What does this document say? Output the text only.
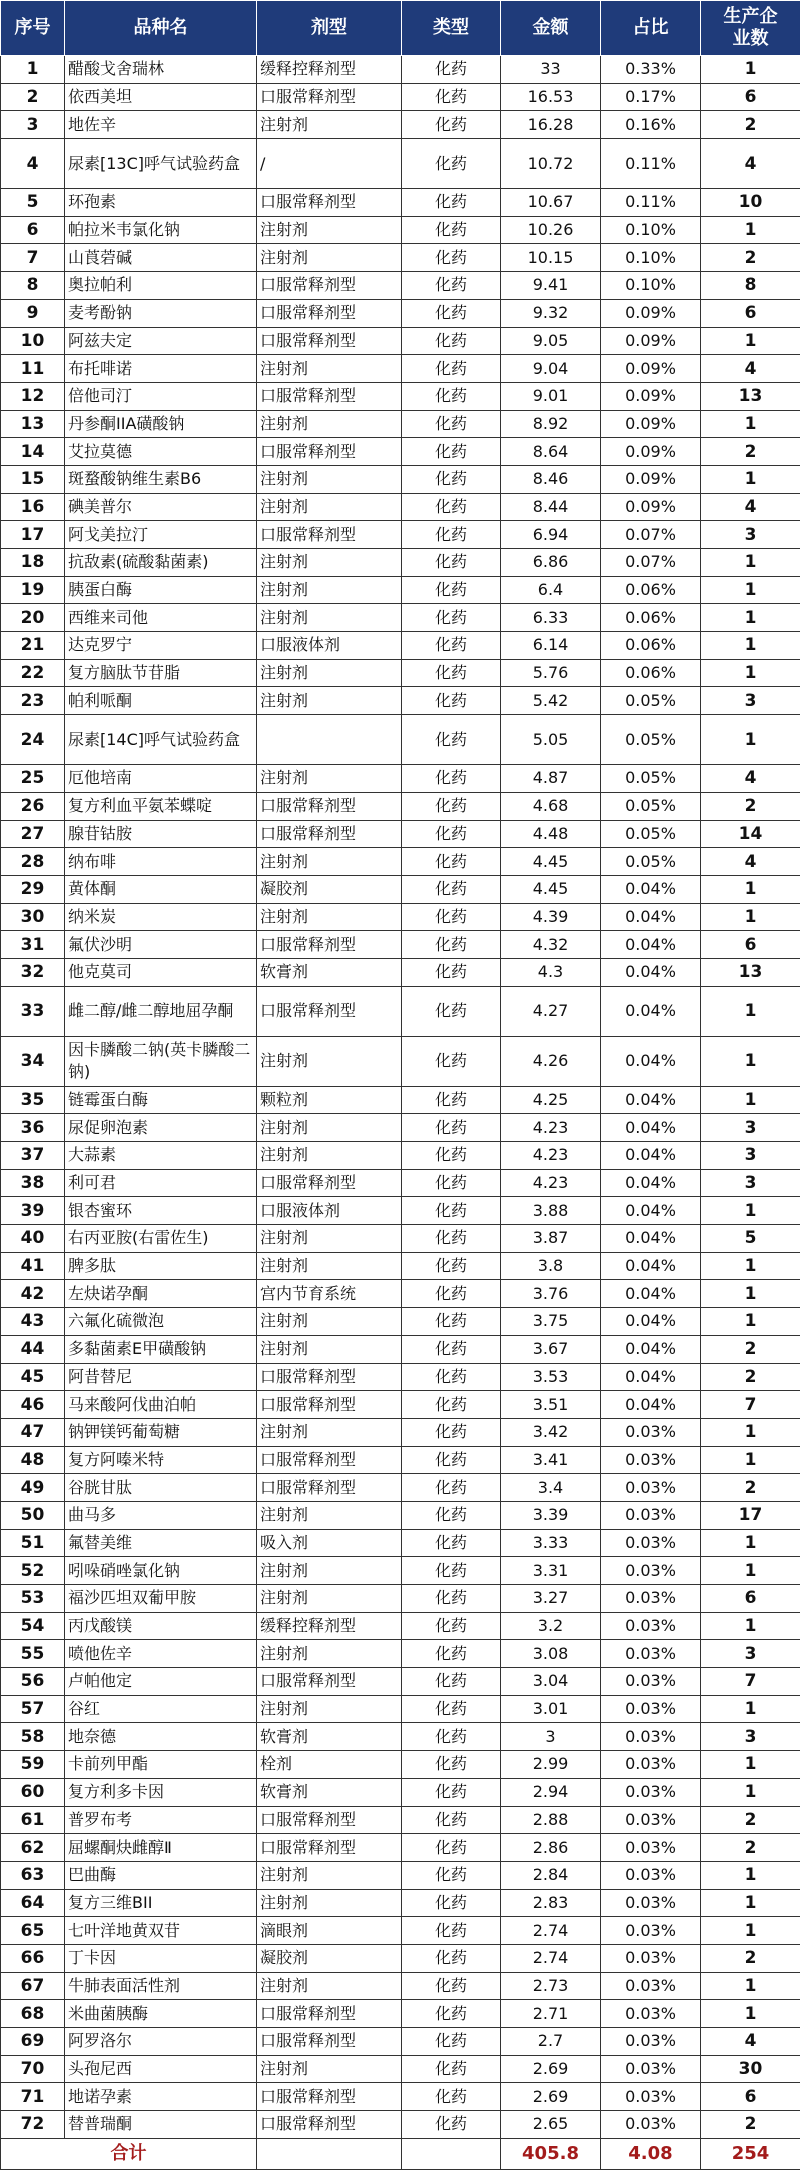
序号	品种名	剂型	类型	金额	占比	生产企业数
1	醋酸戈舍瑞林	缓释控释剂型	化药	33	0.33%	1
2	依西美坦	口服常释剂型	化药	16.53	0.17%	6
3	地佐辛	注射剂	化药	16.28	0.16%	2
4	尿素[13C]呼气试验药盒	/	化药	10.72	0.11%	4
5	环孢素	口服常释剂型	化药	10.67	0.11%	10
6	帕拉米韦氯化钠	注射剂	化药	10.26	0.10%	1
7	山莨菪碱	注射剂	化药	10.15	0.10%	2
8	奥拉帕利	口服常释剂型	化药	9.41	0.10%	8
9	麦考酚钠	口服常释剂型	化药	9.32	0.09%	6
10	阿兹夫定	口服常释剂型	化药	9.05	0.09%	1
11	布托啡诺	注射剂	化药	9.04	0.09%	4
12	倍他司汀	口服常释剂型	化药	9.01	0.09%	13
13	丹参酮IIA磺酸钠	注射剂	化药	8.92	0.09%	1
14	艾拉莫德	口服常释剂型	化药	8.64	0.09%	2
15	斑蝥酸钠维生素B6	注射剂	化药	8.46	0.09%	1
16	碘美普尔	注射剂	化药	8.44	0.09%	4
17	阿戈美拉汀	口服常释剂型	化药	6.94	0.07%	3
18	抗敌素(硫酸黏菌素)	注射剂	化药	6.86	0.07%	1
19	胰蛋白酶	注射剂	化药	6.4	0.06%	1
20	西维来司他	注射剂	化药	6.33	0.06%	1
21	达克罗宁	口服液体剂	化药	6.14	0.06%	1
22	复方脑肽节苷脂	注射剂	化药	5.76	0.06%	1
23	帕利哌酮	注射剂	化药	5.42	0.05%	3
24	尿素[14C]呼气试验药盒		化药	5.05	0.05%	1
25	厄他培南	注射剂	化药	4.87	0.05%	4
26	复方利血平氨苯蝶啶	口服常释剂型	化药	4.68	0.05%	2
27	腺苷钴胺	口服常释剂型	化药	4.48	0.05%	14
28	纳布啡	注射剂	化药	4.45	0.05%	4
29	黄体酮	凝胶剂	化药	4.45	0.04%	1
30	纳米炭	注射剂	化药	4.39	0.04%	1
31	氟伏沙明	口服常释剂型	化药	4.32	0.04%	6
32	他克莫司	软膏剂	化药	4.3	0.04%	13
33	雌二醇/雌二醇地屈孕酮	口服常释剂型	化药	4.27	0.04%	1
34	因卡膦酸二钠(英卡膦酸二钠)	注射剂	化药	4.26	0.04%	1
35	链霉蛋白酶	颗粒剂	化药	4.25	0.04%	1
36	尿促卵泡素	注射剂	化药	4.23	0.04%	3
37	大蒜素	注射剂	化药	4.23	0.04%	3
38	利可君	口服常释剂型	化药	4.23	0.04%	3
39	银杏蜜环	口服液体剂	化药	3.88	0.04%	1
40	右丙亚胺(右雷佐生)	注射剂	化药	3.87	0.04%	5
41	脾多肽	注射剂	化药	3.8	0.04%	1
42	左炔诺孕酮	宫内节育系统	化药	3.76	0.04%	1
43	六氟化硫微泡	注射剂	化药	3.75	0.04%	1
44	多黏菌素E甲磺酸钠	注射剂	化药	3.67	0.04%	2
45	阿昔替尼	口服常释剂型	化药	3.53	0.04%	2
46	马来酸阿伐曲泊帕	口服常释剂型	化药	3.51	0.04%	7
47	钠钾镁钙葡萄糖	注射剂	化药	3.42	0.03%	1
48	复方阿嗪米特	口服常释剂型	化药	3.41	0.03%	1
49	谷胱甘肽	口服常释剂型	化药	3.4	0.03%	2
50	曲马多	注射剂	化药	3.39	0.03%	17
51	氟替美维	吸入剂	化药	3.33	0.03%	1
52	吲哚硝唑氯化钠	注射剂	化药	3.31	0.03%	1
53	福沙匹坦双葡甲胺	注射剂	化药	3.27	0.03%	6
54	丙戊酸镁	缓释控释剂型	化药	3.2	0.03%	1
55	喷他佐辛	注射剂	化药	3.08	0.03%	3
56	卢帕他定	口服常释剂型	化药	3.04	0.03%	7
57	谷红	注射剂	化药	3.01	0.03%	1
58	地奈德	软膏剂	化药	3	0.03%	3
59	卡前列甲酯	栓剂	化药	2.99	0.03%	1
60	复方利多卡因	软膏剂	化药	2.94	0.03%	1
61	普罗布考	口服常释剂型	化药	2.88	0.03%	2
62	屈螺酮炔雌醇Ⅱ	口服常释剂型	化药	2.86	0.03%	2
63	巴曲酶	注射剂	化药	2.84	0.03%	1
64	复方三维BII	注射剂	化药	2.83	0.03%	1
65	七叶洋地黄双苷	滴眼剂	化药	2.74	0.03%	1
66	丁卡因	凝胶剂	化药	2.74	0.03%	2
67	牛肺表面活性剂	注射剂	化药	2.73	0.03%	1
68	米曲菌胰酶	口服常释剂型	化药	2.71	0.03%	1
69	阿罗洛尔	口服常释剂型	化药	2.7	0.03%	4
70	头孢尼西	注射剂	化药	2.69	0.03%	30
71	地诺孕素	口服常释剂型	化药	2.69	0.03%	6
72	替普瑞酮	口服常释剂型	化药	2.65	0.03%	2
合计				405.8	4.08	254
